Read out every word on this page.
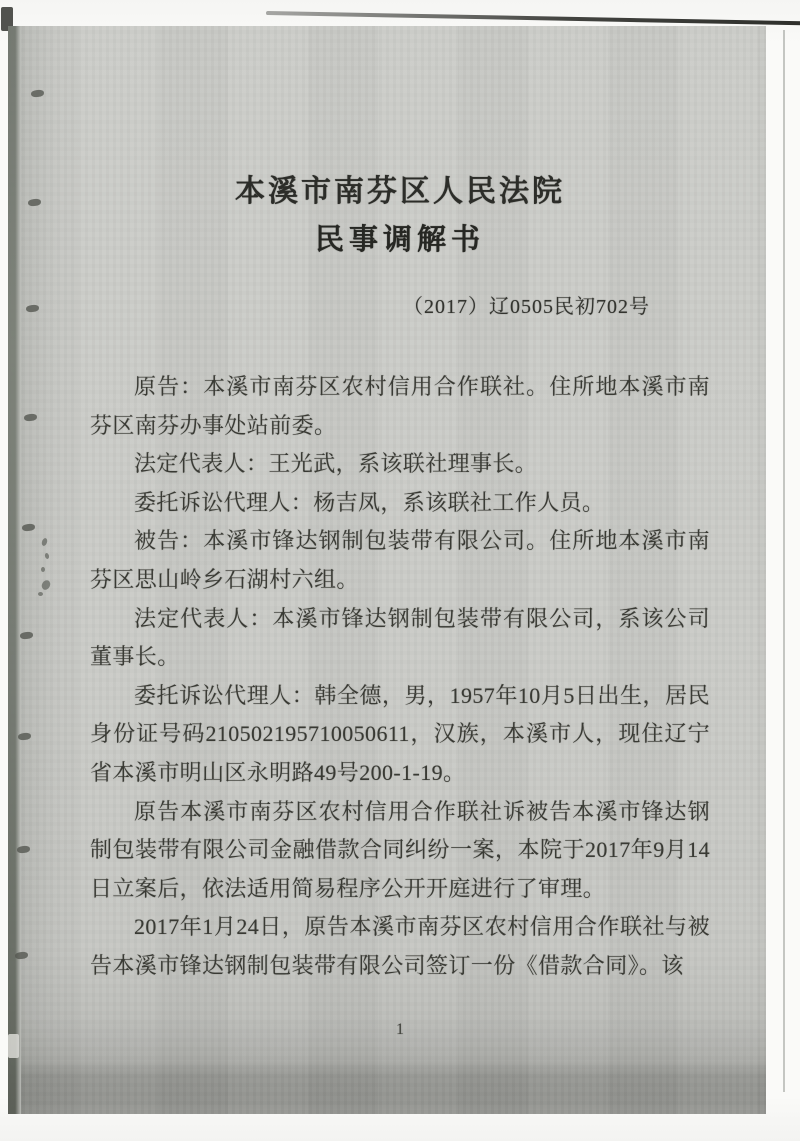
本溪市南芬区人民法院
民事调解书
（2017）辽0505民初702号

原告：本溪市南芬区农村信用合作联社。住所地本溪市南芬区南芬办事处站前委。

法定代表人：王光武，系该联社理事长。

委托诉讼代理人：杨吉凤，系该联社工作人员。

被告：本溪市锋达钢制包装带有限公司。住所地本溪市南芬区思山岭乡石湖村六组。

法定代表人：本溪市锋达钢制包装带有限公司，系该公司董事长。

委托诉讼代理人：韩全德，男，1957年10月5日出生，居民身份证号码210502195710050611，汉族，本溪市人，现住辽宁省本溪市明山区永明路49号200-1-19。

原告本溪市南芬区农村信用合作联社诉被告本溪市锋达钢制包装带有限公司金融借款合同纠纷一案，本院于2017年9月14日立案后，依法适用简易程序公开开庭进行了审理。

2017年1月24日，原告本溪市南芬区农村信用合作联社与被告本溪市锋达钢制包装带有限公司签订一份《借款合同》。该

1
